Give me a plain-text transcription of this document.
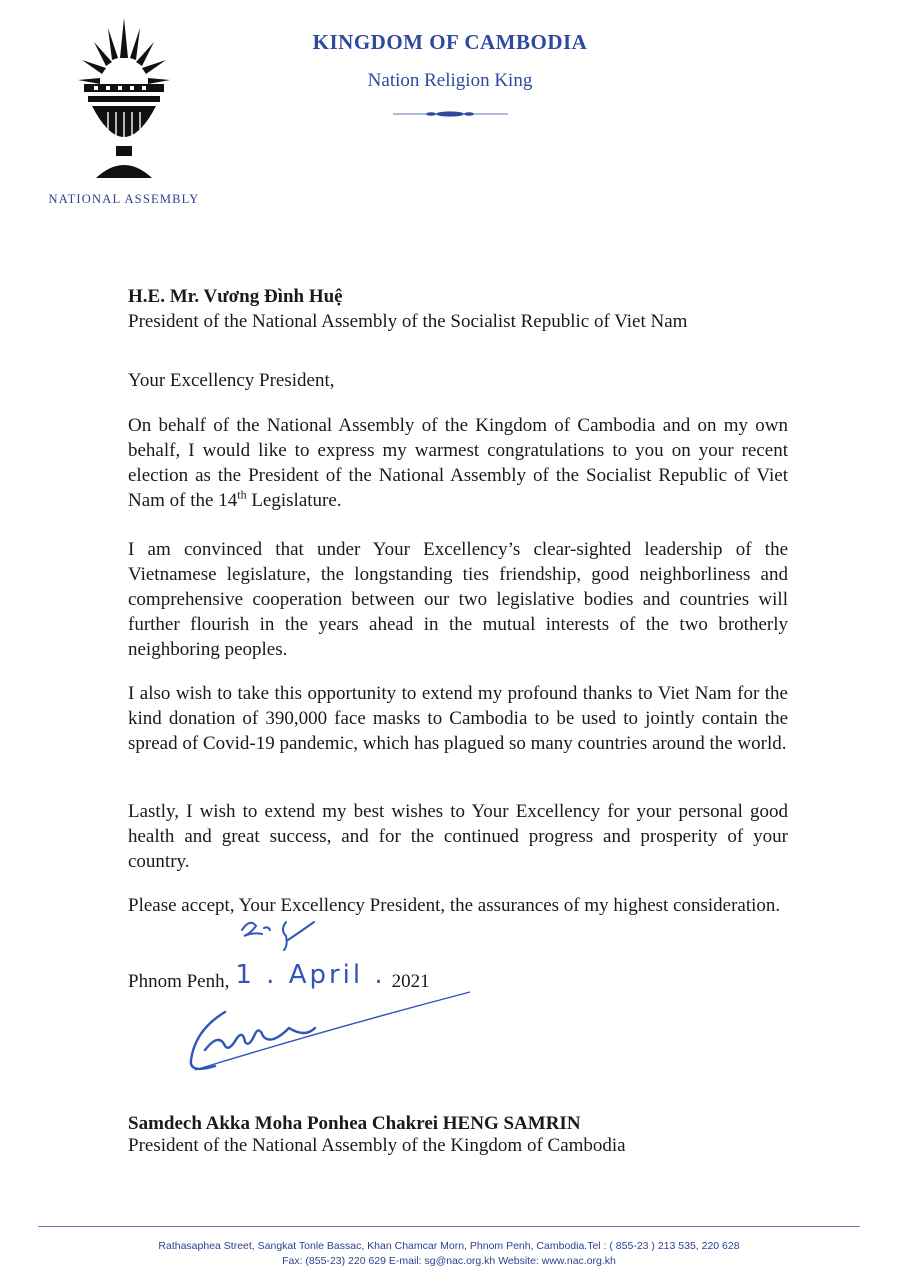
NATIONAL ASSEMBLY
KINGDOM OF CAMBODIA
Nation Religion King
H.E. Mr. Vương Đình Huệ
President of the National Assembly of the Socialist Republic of Viet Nam
Your Excellency President,
On behalf of the National Assembly of the Kingdom of Cambodia and on my own behalf, I would like to express my warmest congratulations to you on your recent election as the President of the National Assembly of the Socialist Republic of Viet Nam of the 14th Legislature.
I am convinced that under Your Excellency’s clear-sighted leadership of the Vietnamese legislature, the longstanding ties friendship, good neighborliness and comprehensive cooperation between our two legislative bodies and countries will further flourish in the years ahead in the mutual interests of the two brotherly neighboring peoples.
I also wish to take this opportunity to extend my profound thanks to Viet Nam for the kind donation of 390,000 face masks to Cambodia to be used to jointly contain the spread of Covid-19 pandemic, which has plagued so many countries around the world.
Lastly, I wish to extend my best wishes to Your Excellency for your personal good health and great success, and for the continued progress and prosperity of your country.
Please accept, Your Excellency President, the assurances of my highest consideration.
Phnom Penh, 1 . April . 2021
Samdech Akka Moha Ponhea Chakrei HENG SAMRIN
President of the National Assembly of the Kingdom of Cambodia
Rathasaphea Street, Sangkat Tonle Bassac, Khan Chamcar Morn, Phnom Penh, Cambodia.Tel : ( 855-23 ) 213 535, 220 628
Fax: (855-23) 220 629 E-mail: sg@nac.org.kh Website: www.nac.org.kh
